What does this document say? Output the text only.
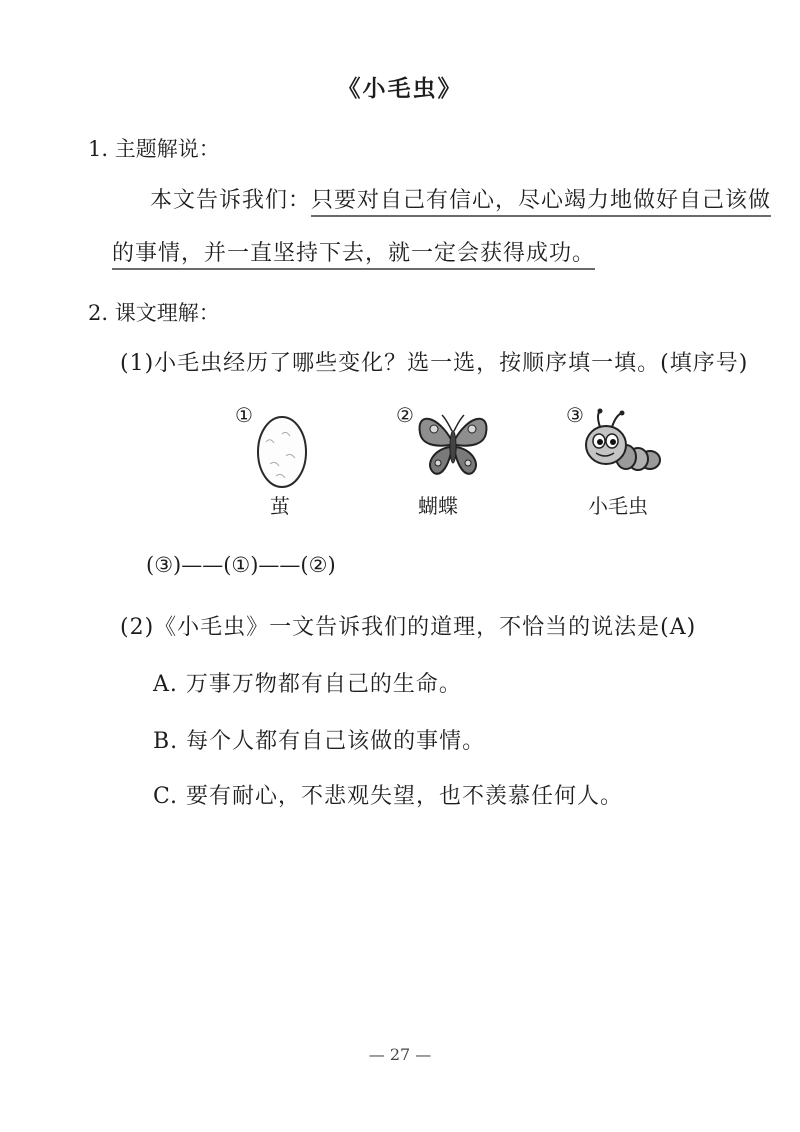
《小毛虫》
1. 主题解说：
本文告诉我们：只要对自己有信心，尽心竭力地做好自己该做
的事情，并一直坚持下去，就一定会获得成功。
2. 课文理解：
(1)小毛虫经历了哪些变化？选一选，按顺序填一填。(填序号)
①	②	③
茧	蝴蝶	小毛虫
(③)——(①)——(②)
(2)《小毛虫》一文告诉我们的道理，不恰当的说法是(A)
A. 万事万物都有自己的生命。
B. 每个人都有自己该做的事情。
C. 要有耐心，不悲观失望，也不羡慕任何人。
— 27 —
